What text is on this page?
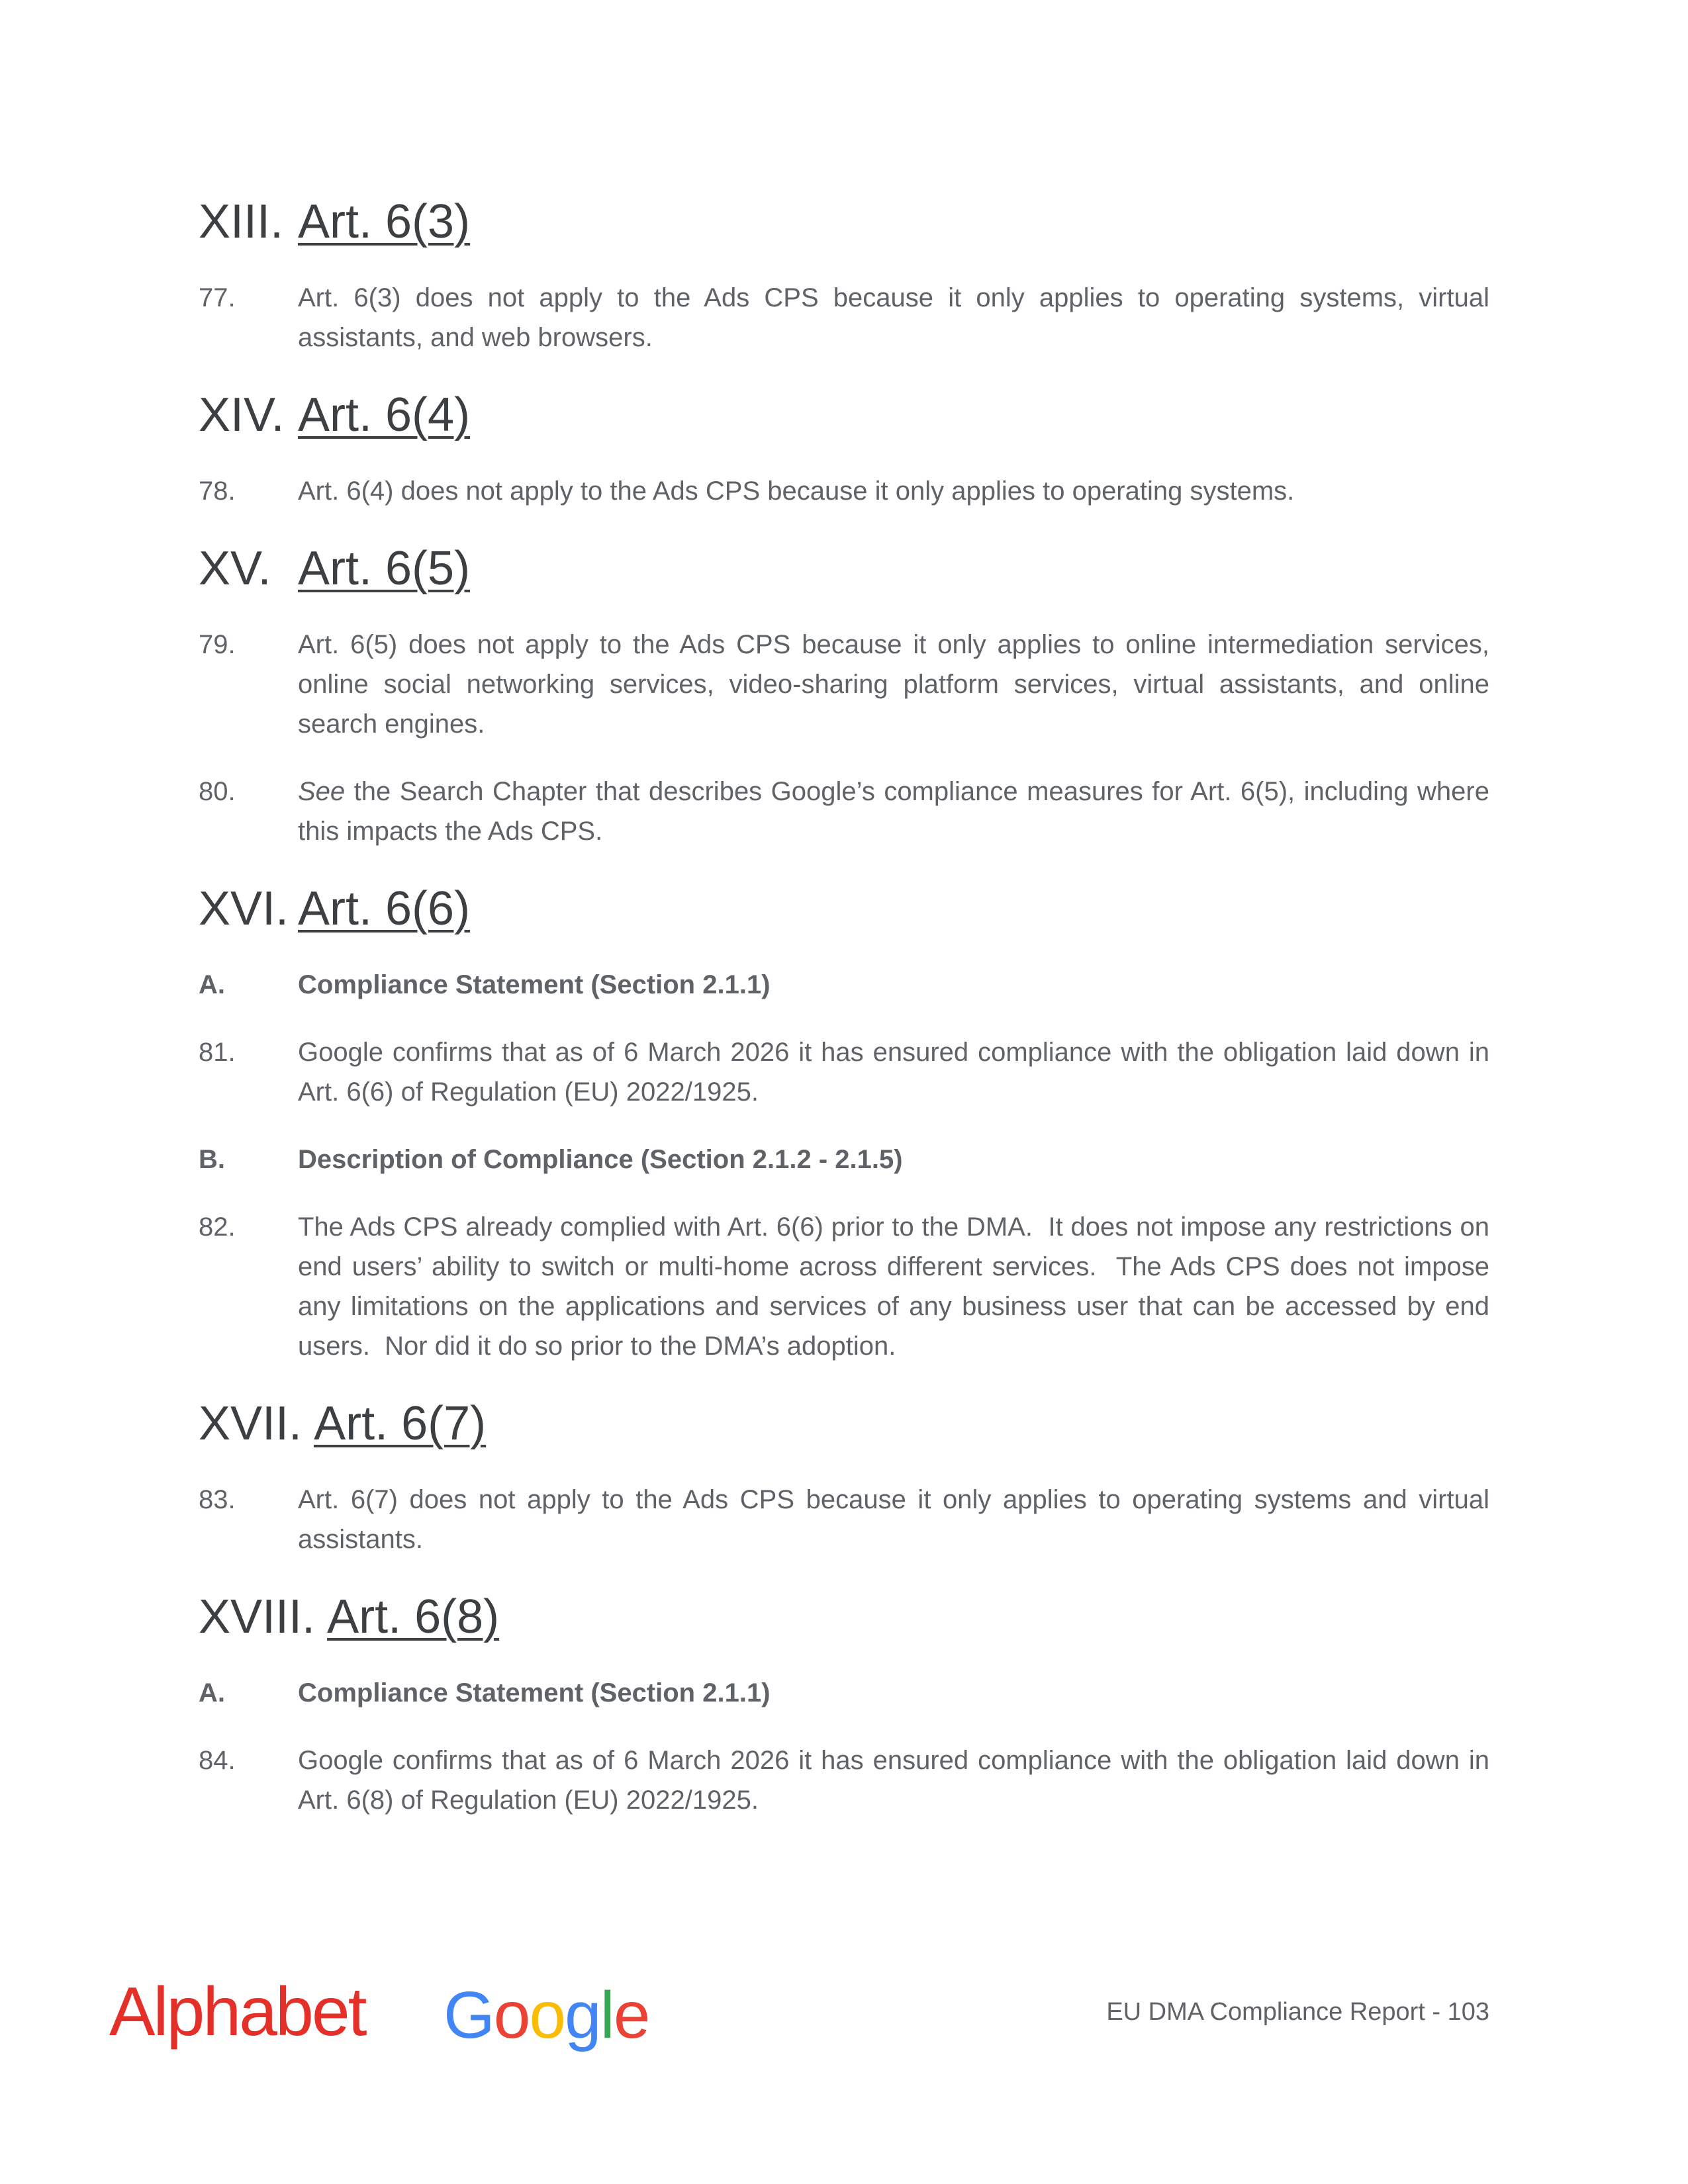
XIII. Art. 6(3)
77.	Art. 6(3) does not apply to the Ads CPS because it only applies to operating systems, virtual assistants, and web browsers.
XIV. Art. 6(4)
78.	Art. 6(4) does not apply to the Ads CPS because it only applies to operating systems.
XV. Art. 6(5)
79.	Art. 6(5) does not apply to the Ads CPS because it only applies to online intermediation services, online social networking services, video-sharing platform services, virtual assistants, and online search engines.
80.	See the Search Chapter that describes Google’s compliance measures for Art. 6(5), including where this impacts the Ads CPS.
XVI. Art. 6(6)
A.	Compliance Statement (Section 2.1.1)
81.	Google confirms that as of 6 March 2026 it has ensured compliance with the obligation laid down in Art. 6(6) of Regulation (EU) 2022/1925.
B.	Description of Compliance (Section 2.1.2 - 2.1.5)
82.	The Ads CPS already complied with Art. 6(6) prior to the DMA.  It does not impose any restrictions on end users’ ability to switch or multi-home across different services.  The Ads CPS does not impose any limitations on the applications and services of any business user that can be accessed by end users.  Nor did it do so prior to the DMA’s adoption.
XVII. Art. 6(7)
83.	Art. 6(7) does not apply to the Ads CPS because it only applies to operating systems and virtual assistants.
XVIII. Art. 6(8)
A.	Compliance Statement (Section 2.1.1)
84.	Google confirms that as of 6 March 2026 it has ensured compliance with the obligation laid down in Art. 6(8) of Regulation (EU) 2022/1925.
Alphabet Google	EU DMA Compliance Report - 103
